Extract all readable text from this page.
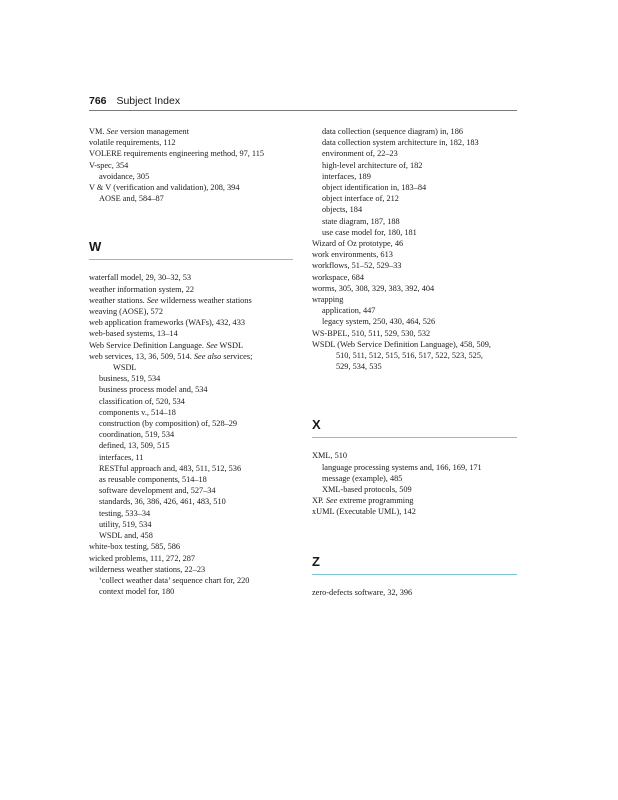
766 Subject Index
VM. See version management
volatile requirements, 112
VOLERE requirements engineering method, 97, 115
V-spec, 354
avoidance, 305
V & V (verification and validation), 208, 394
AOSE and, 584–87
W
waterfall model, 29, 30–32, 53
weather information system, 22
weather stations. See wilderness weather stations
weaving (AOSE), 572
web application frameworks (WAFs), 432, 433
web-based systems, 13–14
Web Service Definition Language. See WSDL
web services, 13, 36, 509, 514. See also services;
WSDL
business, 519, 534
business process model and, 534
classification of, 520, 534
components v., 514–18
construction (by composition) of, 528–29
coordination, 519, 534
defined, 13, 509, 515
interfaces, 11
RESTful approach and, 483, 511, 512, 536
as reusable components, 514–18
software development and, 527–34
standards, 36, 386, 426, 461, 483, 510
testing, 533–34
utility, 519, 534
WSDL and, 458
white-box testing, 585, 586
wicked problems, 111, 272, 287
wilderness weather stations, 22–23
‘collect weather data’ sequence chart for, 220
context model for, 180
data collection (sequence diagram) in, 186
data collection system architecture in, 182, 183
environment of, 22–23
high-level architecture of, 182
interfaces, 189
object identification in, 183–84
object interface of, 212
objects, 184
state diagram, 187, 188
use case model for, 180, 181
Wizard of Oz prototype, 46
work environments, 613
workflows, 51–52, 529–33
workspace, 684
worms, 305, 308, 329, 383, 392, 404
wrapping
application, 447
legacy system, 250, 430, 464, 526
WS-BPEL, 510, 511, 529, 530, 532
WSDL (Web Service Definition Language), 458, 509,
510, 511, 512, 515, 516, 517, 522, 523, 525,
529, 534, 535
X
XML, 510
language processing systems and, 166, 169, 171
message (example), 485
XML-based protocols, 509
XP. See extreme programming
xUML (Executable UML), 142
Z
zero-defects software, 32, 396
